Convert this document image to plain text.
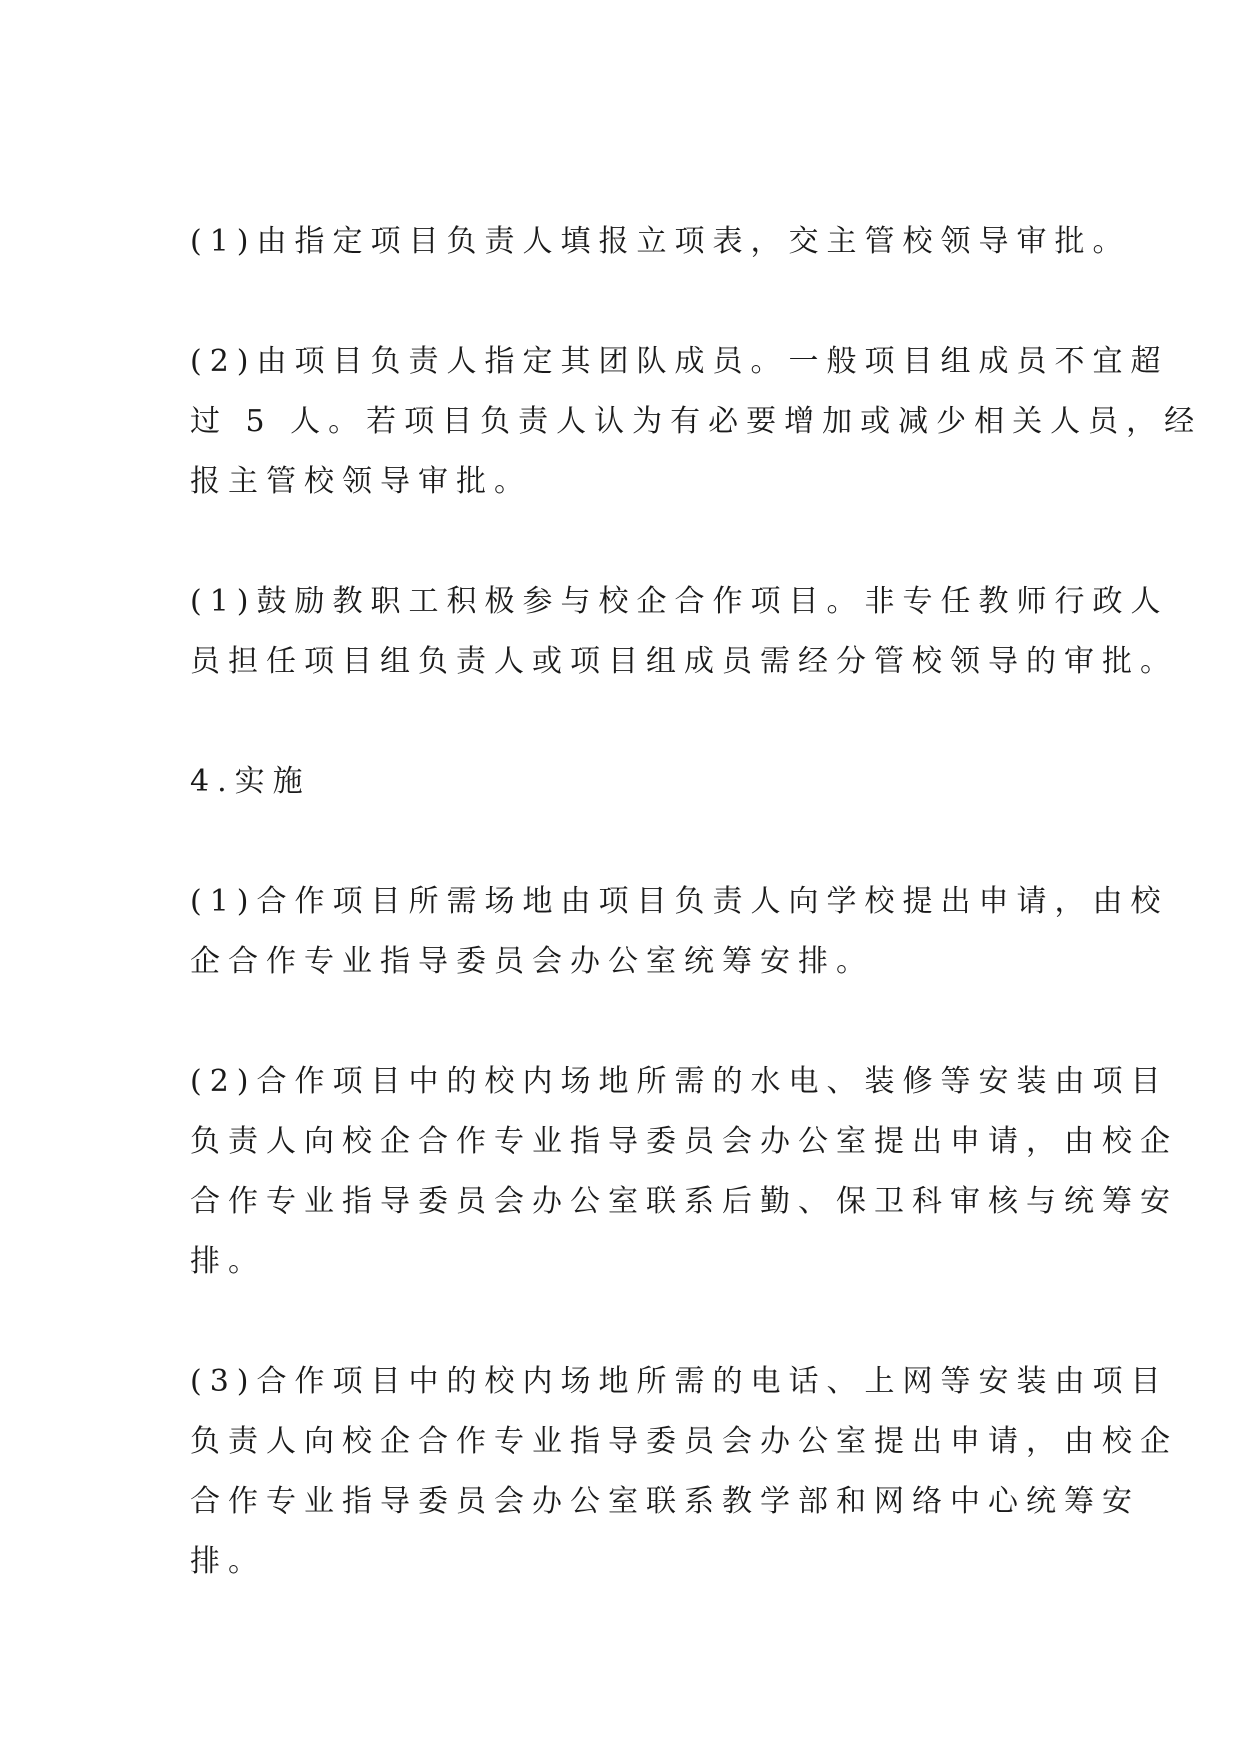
(1)由指定项目负责人填报立项表，交主管校领导审批。

(2)由项目负责人指定其团队成员。一般项目组成员不宜超
过 5 人。若项目负责人认为有必要增加或减少相关人员，经
报主管校领导审批。

(1)鼓励教职工积极参与校企合作项目。非专任教师行政人
员担任项目组负责人或项目组成员需经分管校领导的审批。

4.实施

(1)合作项目所需场地由项目负责人向学校提出申请，由校
企合作专业指导委员会办公室统筹安排。

(2)合作项目中的校内场地所需的水电、装修等安装由项目
负责人向校企合作专业指导委员会办公室提出申请，由校企
合作专业指导委员会办公室联系后勤、保卫科审核与统筹安
排。

(3)合作项目中的校内场地所需的电话、上网等安装由项目
负责人向校企合作专业指导委员会办公室提出申请，由校企
合作专业指导委员会办公室联系教学部和网络中心统筹安
排。
